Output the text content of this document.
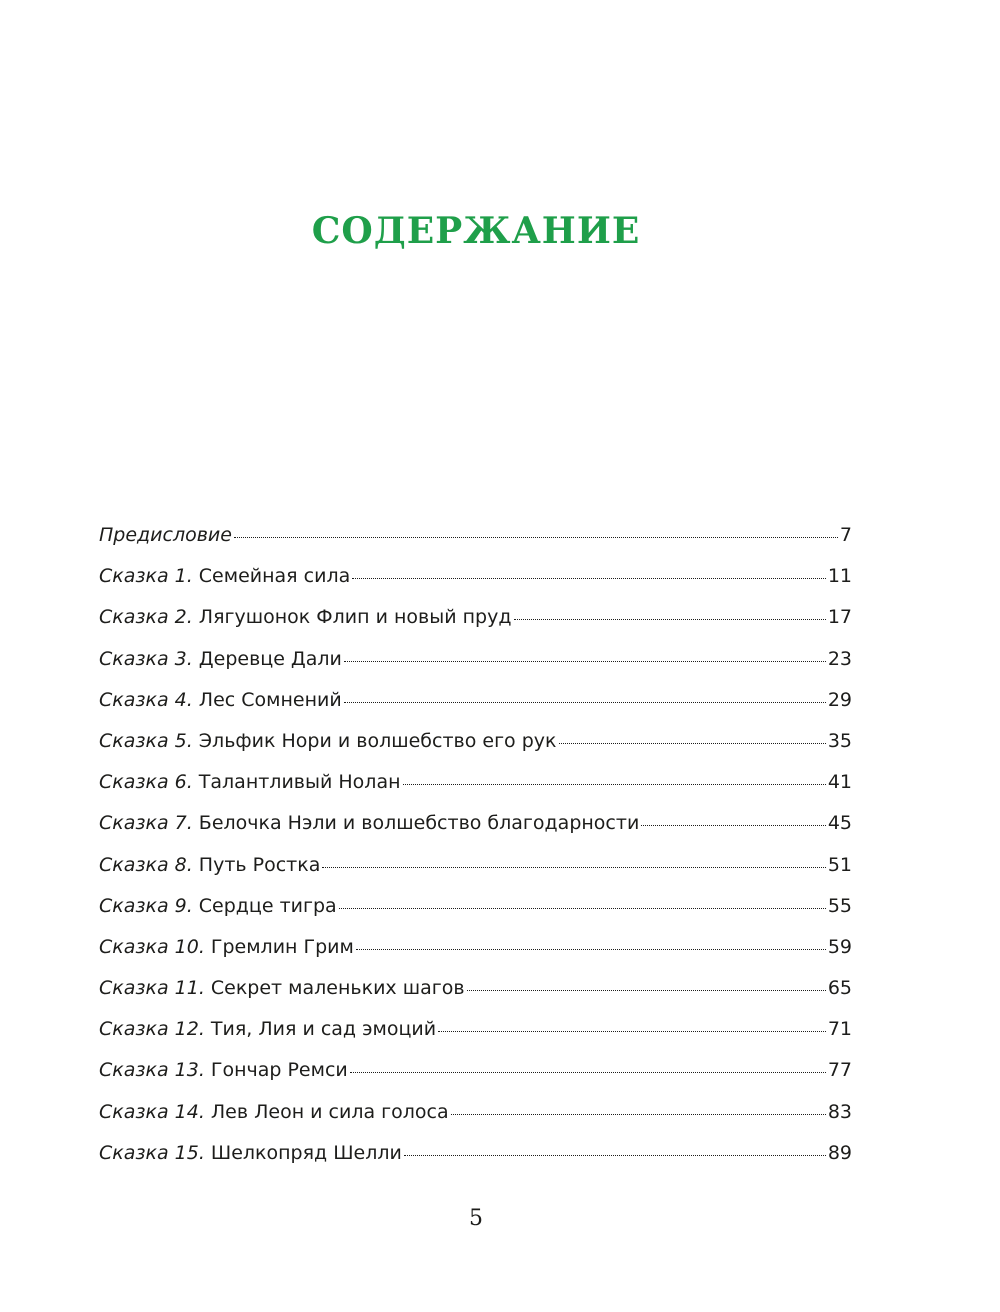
СОДЕРЖАНИЕ
Предисловие	7
Сказка 1. Семейная сила	11
Сказка 2. Лягушонок Флип и новый пруд	17
Сказка 3. Деревце Дали	23
Сказка 4. Лес Сомнений	29
Сказка 5. Эльфик Нори и волшебство его рук	35
Сказка 6. Талантливый Нолан	41
Сказка 7. Белочка Нэли и волшебство благодарности	45
Сказка 8. Путь Ростка	51
Сказка 9. Сердце тигра	55
Сказка 10. Гремлин Грим	59
Сказка 11. Секрет маленьких шагов	65
Сказка 12. Тия, Лия и сад эмоций	71
Сказка 13. Гончар Ремси	77
Сказка 14. Лев Леон и сила голоса	83
Сказка 15. Шелкопряд Шелли	89
5
